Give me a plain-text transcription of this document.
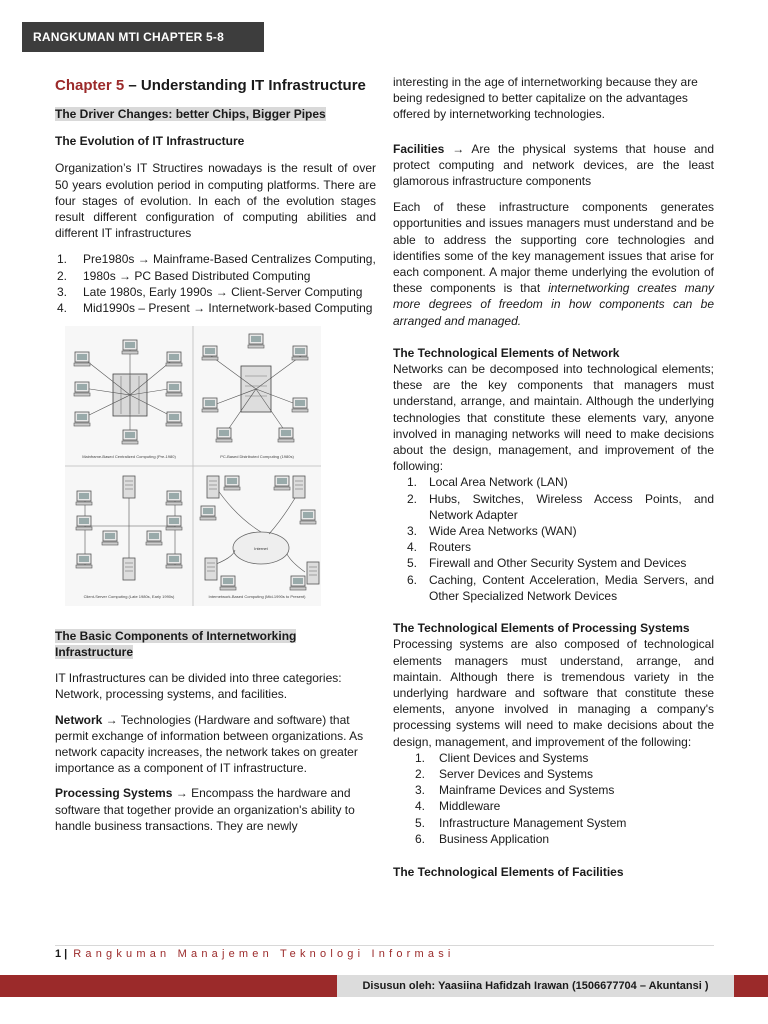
RANGKUMAN MTI CHAPTER 5-8

Chapter 5 – Understanding IT Infrastructure

The Driver Changes: better Chips, Bigger Pipes

The Evolution of IT Infrastructure

Organization’s IT Structires nowadays is the result of over 50 years evolution period in computing platforms. There are four stages of evolution. In each of the evolution stages result different configuration of computing abilities and different IT infrastructures

1. Pre1980s → Mainframe-Based Centralizes Computing,
2. 1980s → PC Based Distributed Computing
3. Late 1980s, Early 1990s → Client-Server Computing
4. Mid1990s – Present → Internetwork-based Computing
Mainframe-Based Centralized Computing (Pre-1980)	PC-Based Distributed Computing (1980s)
Client-Server Computing (Late 1980s, Early 1990s)
Internet
Internetwork-Based Computing (Mid-1990s to Present)

The Basic Components of Internetworking Infrastructure

IT Infrastructures can be divided into three categories: Network, processing systems, and facilities.

Network → Technologies (Hardware and software) that permit exchange of information between organizations. As network capacity increases, the network takes on greater importance as a component of IT infrastructure.

Processing Systems → Encompass the hardware and software that together provide an organization's ability to handle business transactions. They are newly

interesting in the age of internetworking because they are being redesigned to better capitalize on the advantages offered by internetworking technologies.

Facilities → Are the physical systems that house and protect computing and network devices, are the least glamorous infrastructure components

Each of these infrastructure components generates opportunities and issues managers must understand and be able to address the supporting core technologies and identifies some of the key management issues that arise for each component. A major theme underlying the evolution of these components is that internetworking creates many more degrees of freedom in how components can be arranged and managed.

The Technological Elements of Network

Networks can be decomposed into technological elements; these are the key components that managers must understand, arrange, and maintain. Although the underlying technologies that constitute these elements vary, anyone involved in managing networks will need to make decisions about the design, management, and improvement of the following:

1. Local Area Network (LAN)
2. Hubs, Switches, Wireless Access Points, and Network Adapter
3. Wide Area Networks (WAN)
4. Routers
5. Firewall and Other Security System and Devices
6. Caching, Content Acceleration, Media Servers, and Other Specialized Network Devices

The Technological Elements of Processing Systems

Processing systems are also composed of technological elements managers must understand, arrange, and maintain. Although there is tremendous variety in the underlying hardware and software that constitute these elements, anyone involved in managing a company's processing systems will need to make decisions about the design, management, and improvement of the following:

1. Client Devices and Systems
2. Server Devices and Systems
3. Mainframe Devices and Systems
4. Middleware
5. Infrastructure Management System
6. Business Application

The Technological Elements of Facilities

1 | Rangkuman Manajemen Teknologi Informasi
Disusun oleh: Yaasiina Hafidzah Irawan (1506677704 – Akuntansi )
